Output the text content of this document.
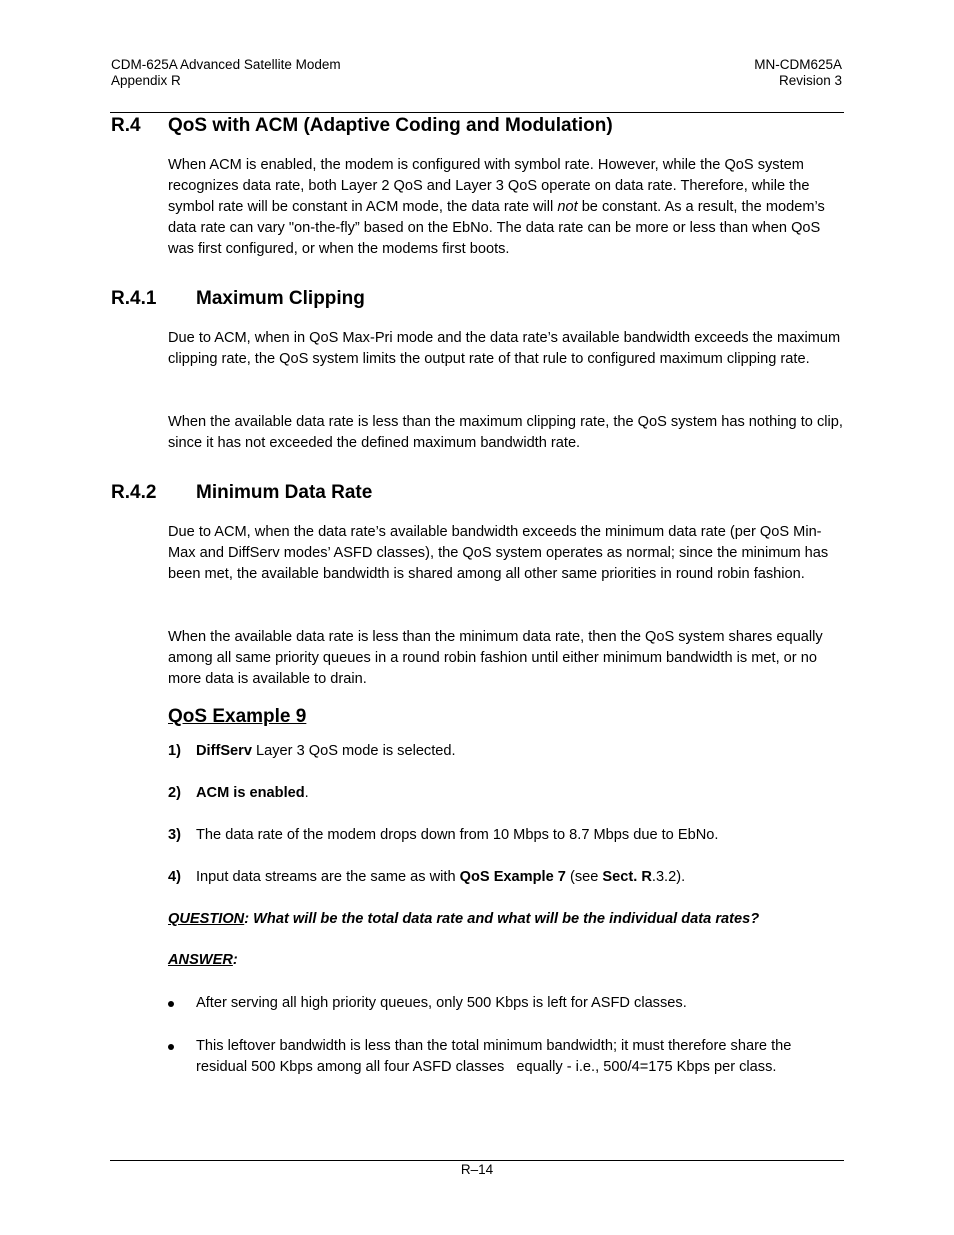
CDM-625A Advanced Satellite Modem
Appendix R
MN-CDM625A
Revision 3
R.4 QoS with ACM (Adaptive Coding and Modulation)
When ACM is enabled, the modem is configured with symbol rate. However, while the QoS system recognizes data rate, both Layer 2 QoS and Layer 3 QoS operate on data rate. Therefore, while the symbol rate will be constant in ACM mode, the data rate will not be constant. As a result, the modem’s data rate can vary "on-the-fly” based on the EbNo. The data rate can be more or less than when QoS was first configured, or when the modems first boots.
R.4.1 Maximum Clipping
Due to ACM, when in QoS Max-Pri mode and the data rate’s available bandwidth exceeds the maximum clipping rate, the QoS system limits the output rate of that rule to configured maximum clipping rate.
When the available data rate is less than the maximum clipping rate, the QoS system has nothing to clip, since it has not exceeded the defined maximum bandwidth rate.
R.4.2 Minimum Data Rate
Due to ACM, when the data rate’s available bandwidth exceeds the minimum data rate (per QoS Min-Max and DiffServ modes’ ASFD classes), the QoS system operates as normal; since the minimum has been met, the available bandwidth is shared among all other same priorities in round robin fashion.
When the available data rate is less than the minimum data rate, then the QoS system shares equally among all same priority queues in a round robin fashion until either minimum bandwidth is met, or no more data is available to drain.
QoS Example 9
1) DiffServ Layer 3 QoS mode is selected.
2) ACM is enabled.
3) The data rate of the modem drops down from 10 Mbps to 8.7 Mbps due to EbNo.
4) Input data streams are the same as with QoS Example 7 (see Sect. R.3.2).
QUESTION: What will be the total data rate and what will be the individual data rates?
ANSWER:
After serving all high priority queues, only 500 Kbps is left for ASFD classes.
This leftover bandwidth is less than the total minimum bandwidth; it must therefore share the residual 500 Kbps among all four ASFD classes   equally - i.e., 500/4=175 Kbps per class.
R–14
